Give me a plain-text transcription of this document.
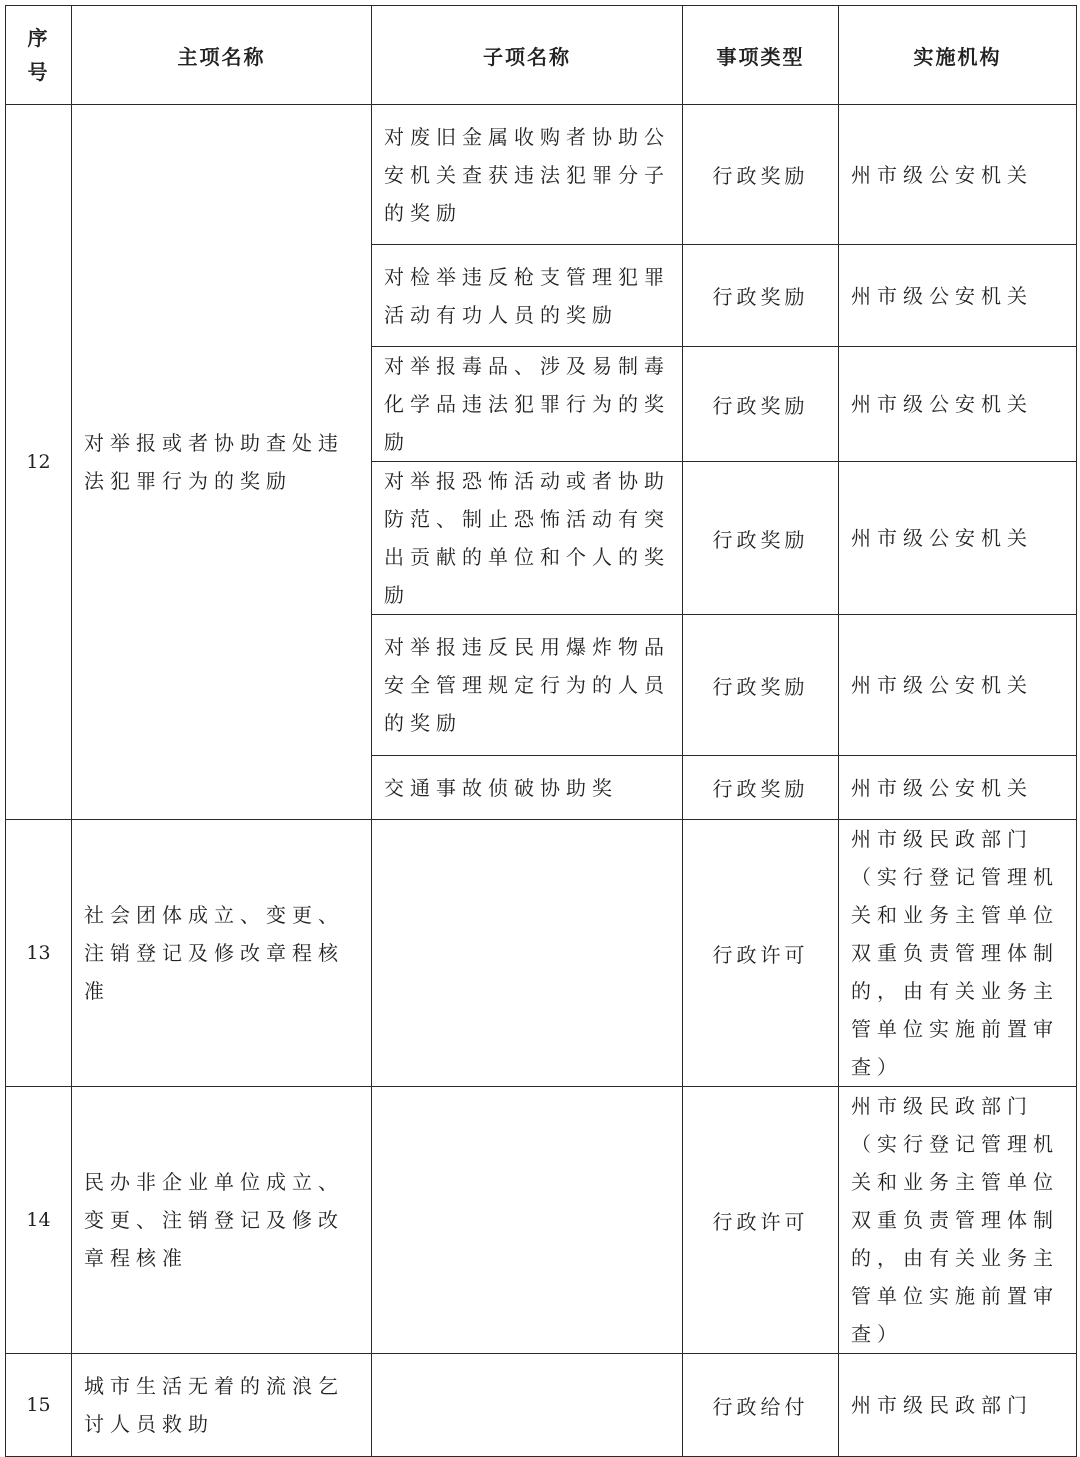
序号	主项名称	子项名称	事项类型	实施机构
12	对举报或者协助查处违法犯罪行为的奖励	对废旧金属收购者协助公安机关查获违法犯罪分子的奖励	行政奖励	州市级公安机关
		对检举违反枪支管理犯罪活动有功人员的奖励	行政奖励	州市级公安机关
		对举报毒品、涉及易制毒化学品违法犯罪行为的奖励	行政奖励	州市级公安机关
		对举报恐怖活动或者协助防范、制止恐怖活动有突出贡献的单位和个人的奖励	行政奖励	州市级公安机关
		对举报违反民用爆炸物品安全管理规定行为的人员的奖励	行政奖励	州市级公安机关
		交通事故侦破协助奖	行政奖励	州市级公安机关
13	社会团体成立、变更、注销登记及修改章程核准		行政许可	州市级民政部门（实行登记管理机关和业务主管单位双重负责管理体制的，由有关业务主管单位实施前置审查）
14	民办非企业单位成立、变更、注销登记及修改章程核准		行政许可	州市级民政部门（实行登记管理机关和业务主管单位双重负责管理体制的，由有关业务主管单位实施前置审查）
15	城市生活无着的流浪乞讨人员救助		行政给付	州市级民政部门
